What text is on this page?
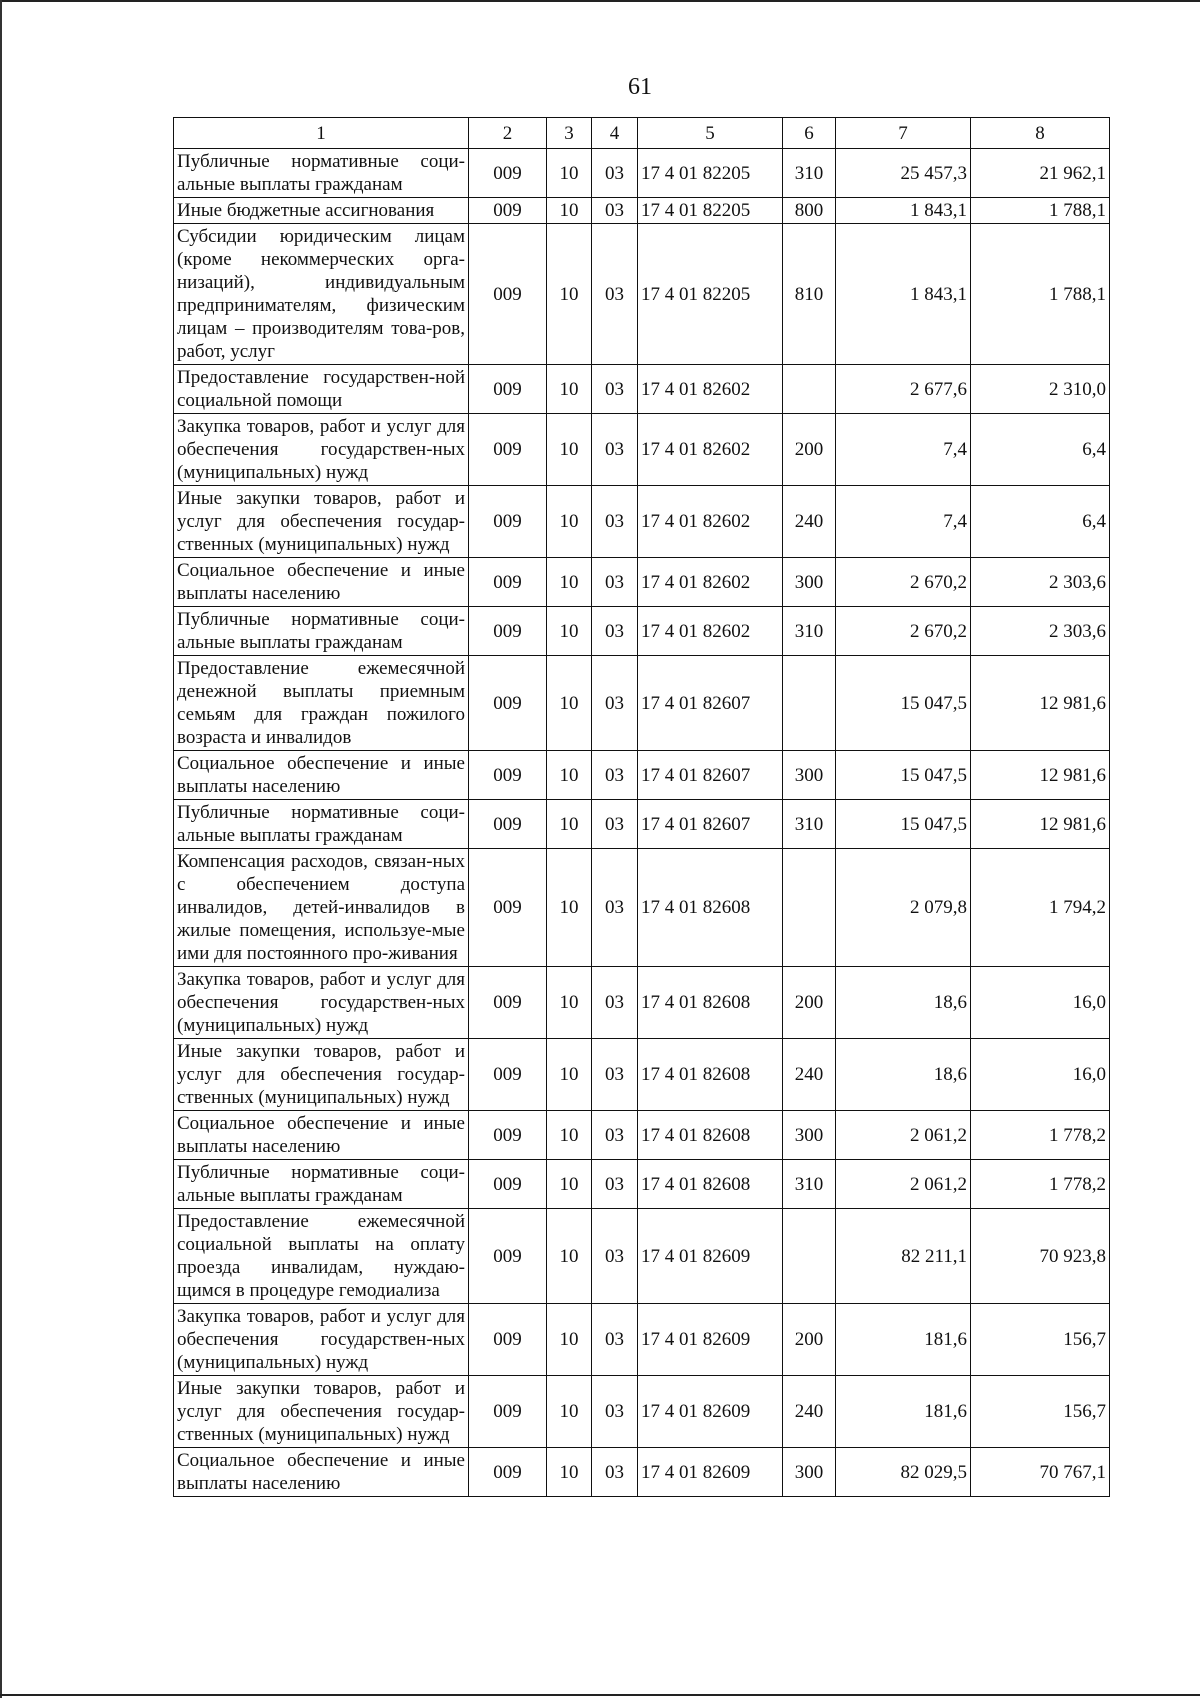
61
1	2	3	4	5	6	7	8
Публичные нормативные соци-альные выплаты гражданам	009	10	03	17 4 01 82205	310	25 457,3	21 962,1
Иные бюджетные ассигнования	009	10	03	17 4 01 82205	800	1 843,1	1 788,1
Субсидии юридическим лицам (кроме некоммерческих орга-низаций), индивидуальным предпринимателям, физическим лицам – производителям това-ров, работ, услуг	009	10	03	17 4 01 82205	810	1 843,1	1 788,1
Предоставление государствен-ной социальной помощи	009	10	03	17 4 01 82602		2 677,6	2 310,0
Закупка товаров, работ и услуг для обеспечения государствен-ных (муниципальных) нужд	009	10	03	17 4 01 82602	200	7,4	6,4
Иные закупки товаров, работ и услуг для обеспечения государ-ственных (муниципальных) нужд	009	10	03	17 4 01 82602	240	7,4	6,4
Социальное обеспечение и иные выплаты населению	009	10	03	17 4 01 82602	300	2 670,2	2 303,6
Публичные нормативные соци-альные выплаты гражданам	009	10	03	17 4 01 82602	310	2 670,2	2 303,6
Предоставление ежемесячной денежной выплаты приемным семьям для граждан пожилого возраста и инвалидов	009	10	03	17 4 01 82607		15 047,5	12 981,6
Социальное обеспечение и иные выплаты населению	009	10	03	17 4 01 82607	300	15 047,5	12 981,6
Публичные нормативные соци-альные выплаты гражданам	009	10	03	17 4 01 82607	310	15 047,5	12 981,6
Компенсация расходов, связан-ных с обеспечением доступа инвалидов, детей-инвалидов в жилые помещения, используе-мые ими для постоянного про-живания	009	10	03	17 4 01 82608		2 079,8	1 794,2
Закупка товаров, работ и услуг для обеспечения государствен-ных (муниципальных) нужд	009	10	03	17 4 01 82608	200	18,6	16,0
Иные закупки товаров, работ и услуг для обеспечения государ-ственных (муниципальных) нужд	009	10	03	17 4 01 82608	240	18,6	16,0
Социальное обеспечение и иные выплаты населению	009	10	03	17 4 01 82608	300	2 061,2	1 778,2
Публичные нормативные соци-альные выплаты гражданам	009	10	03	17 4 01 82608	310	2 061,2	1 778,2
Предоставление ежемесячной социальной выплаты на оплату проезда инвалидам, нуждаю-щимся в процедуре гемодиализа	009	10	03	17 4 01 82609		82 211,1	70 923,8
Закупка товаров, работ и услуг для обеспечения государствен-ных (муниципальных) нужд	009	10	03	17 4 01 82609	200	181,6	156,7
Иные закупки товаров, работ и услуг для обеспечения государ-ственных (муниципальных) нужд	009	10	03	17 4 01 82609	240	181,6	156,7
Социальное обеспечение и иные выплаты населению	009	10	03	17 4 01 82609	300	82 029,5	70 767,1
